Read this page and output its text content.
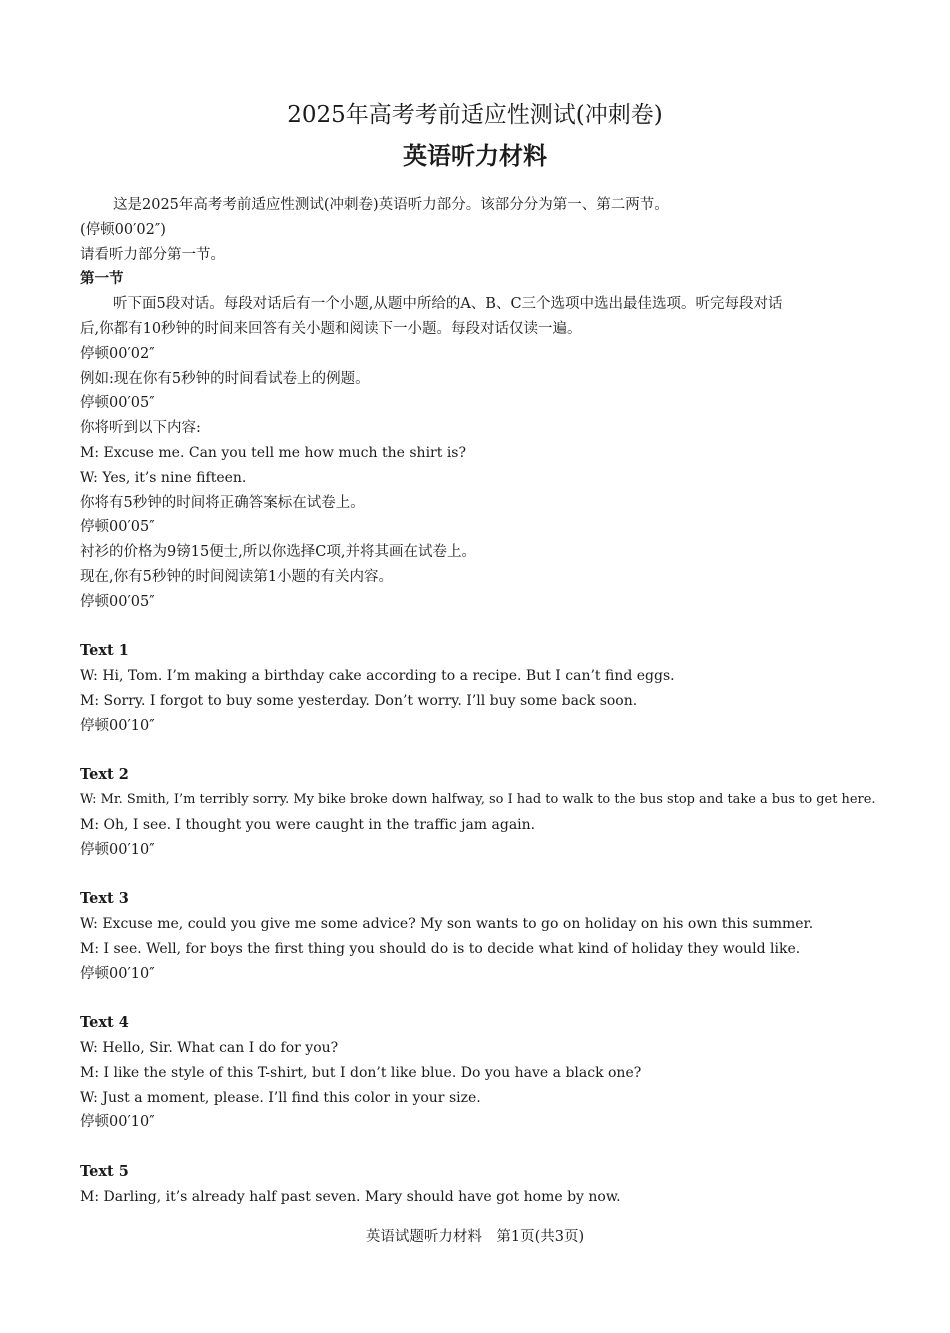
2025年高考考前适应性测试(冲刺卷)
英语听力材料
这是2025年高考考前适应性测试(冲刺卷)英语听力部分。该部分分为第一、第二两节。
(停顿00′02″)
请看听力部分第一节。
第一节
听下面5段对话。每段对话后有一个小题,从题中所给的A、B、C三个选项中选出最佳选项。听完每段对话
后,你都有10秒钟的时间来回答有关小题和阅读下一小题。每段对话仅读一遍。
停顿00′02″
例如:现在你有5秒钟的时间看试卷上的例题。
停顿00′05″
你将听到以下内容:
M: Excuse me. Can you tell me how much the shirt is?
W: Yes, it’s nine fifteen.
你将有5秒钟的时间将正确答案标在试卷上。
停顿00′05″
衬衫的价格为9镑15便士,所以你选择C项,并将其画在试卷上。
现在,你有5秒钟的时间阅读第1小题的有关内容。
停顿00′05″
Text 1
W: Hi, Tom. I’m making a birthday cake according to a recipe. But I can’t find eggs.
M: Sorry. I forgot to buy some yesterday. Don’t worry. I’ll buy some back soon.
停顿00′10″
Text 2
W: Mr. Smith, I’m terribly sorry. My bike broke down halfway, so I had to walk to the bus stop and take a bus to get here.
M: Oh, I see. I thought you were caught in the traffic jam again.
停顿00′10″
Text 3
W: Excuse me, could you give me some advice? My son wants to go on holiday on his own this summer.
M: I see. Well, for boys the first thing you should do is to decide what kind of holiday they would like.
停顿00′10″
Text 4
W: Hello, Sir. What can I do for you?
M: I like the style of this T-shirt, but I don’t like blue. Do you have a black one?
W: Just a moment, please. I’ll find this color in your size.
停顿00′10″
Text 5
M: Darling, it’s already half past seven. Mary should have got home by now.
英语试题听力材料　第1页(共3页)
